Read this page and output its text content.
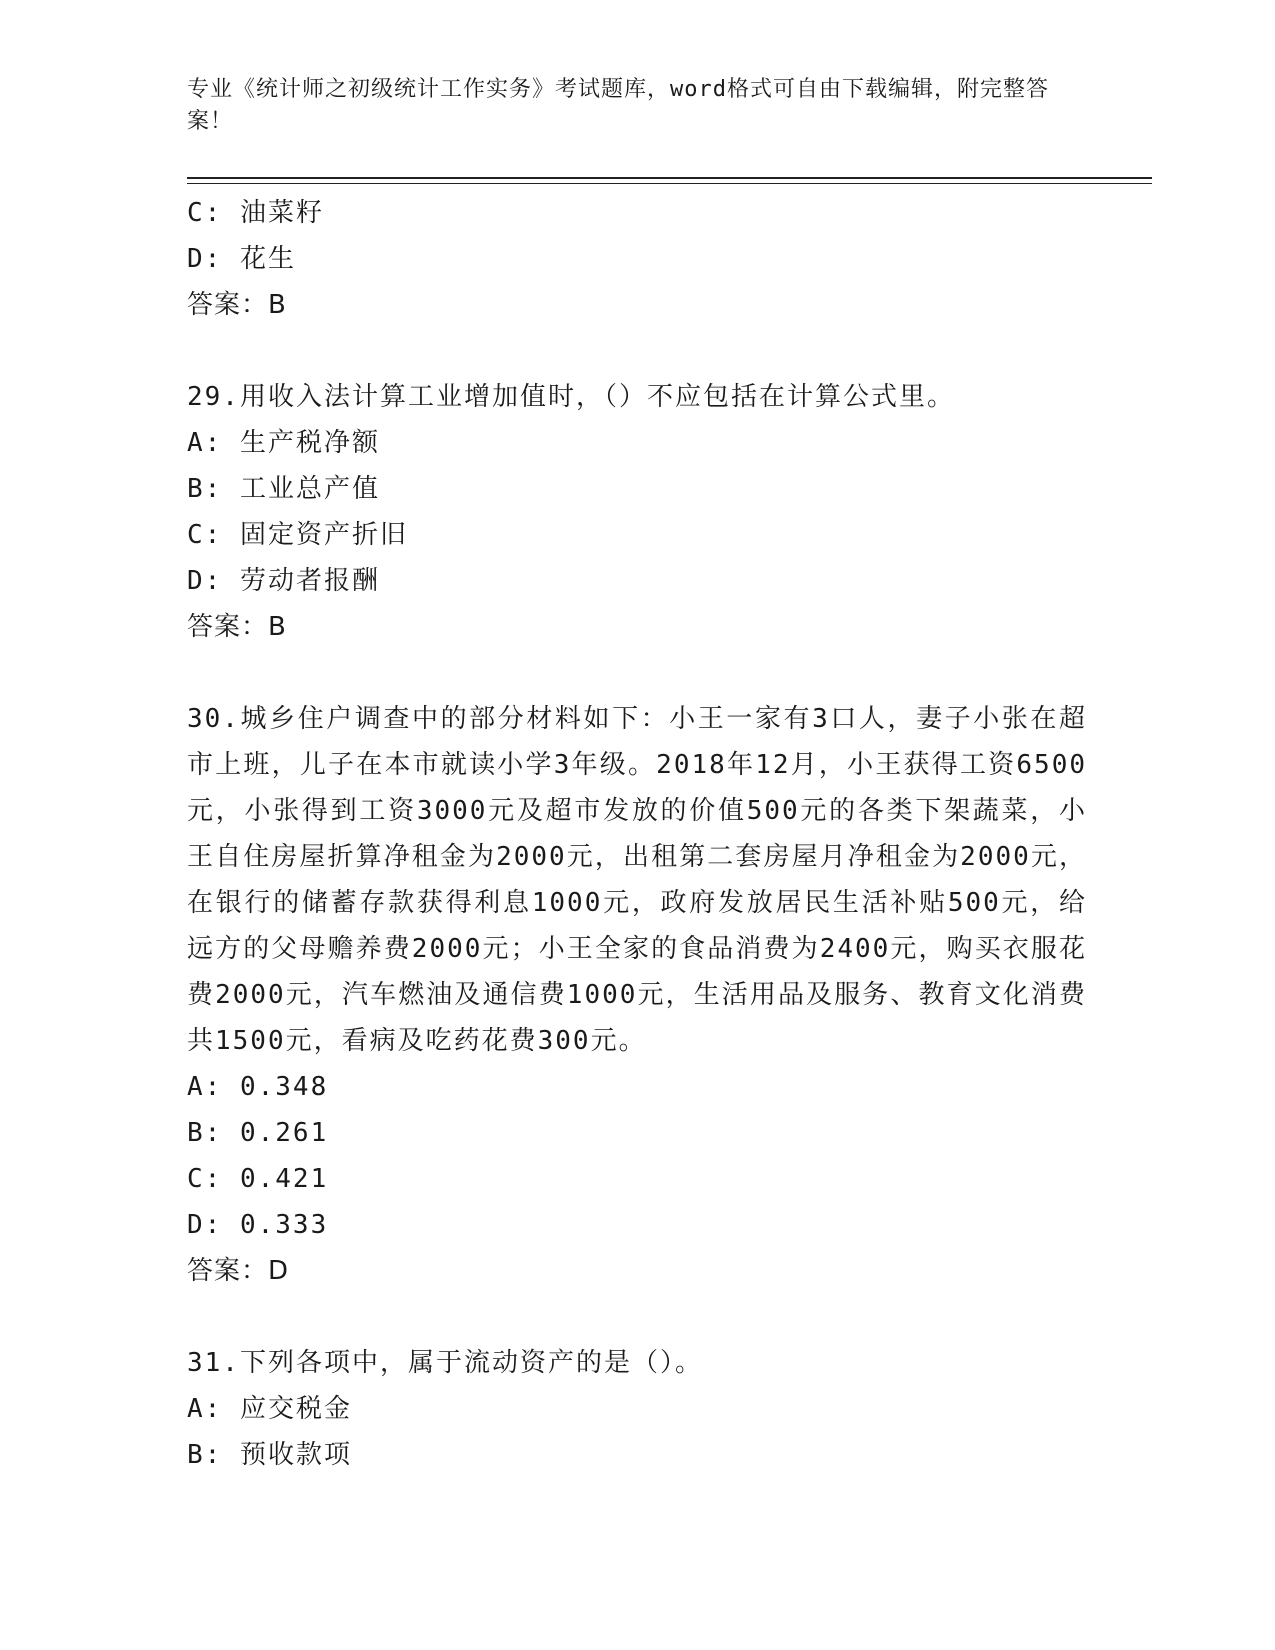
专业《统计师之初级统计工作实务》考试题库，word格式可自由下载编辑，附完整答案！
C: 油菜籽
D: 花生
答案：B
29.用收入法计算工业增加值时，（）不应包括在计算公式里。
A: 生产税净额
B: 工业总产值
C: 固定资产折旧
D: 劳动者报酬
答案：B
30.城乡住户调查中的部分材料如下：小王一家有3口人，妻子小张在超市上班，儿子在本市就读小学3年级。2018年12月，小王获得工资6500元，小张得到工资3000元及超市发放的价值500元的各类下架蔬菜，小王自住房屋折算净租金为2000元，出租第二套房屋月净租金为2000元，在银行的储蓄存款获得利息1000元，政府发放居民生活补贴500元，给远方的父母赡养费2000元；小王全家的食品消费为2400元，购买衣服花费2000元，汽车燃油及通信费1000元，生活用品及服务、教育文化消费共1500元，看病及吃药花费300元。
A: 0.348
B: 0.261
C: 0.421
D: 0.333
答案：D
31.下列各项中，属于流动资产的是（）。
A: 应交税金
B: 预收款项
